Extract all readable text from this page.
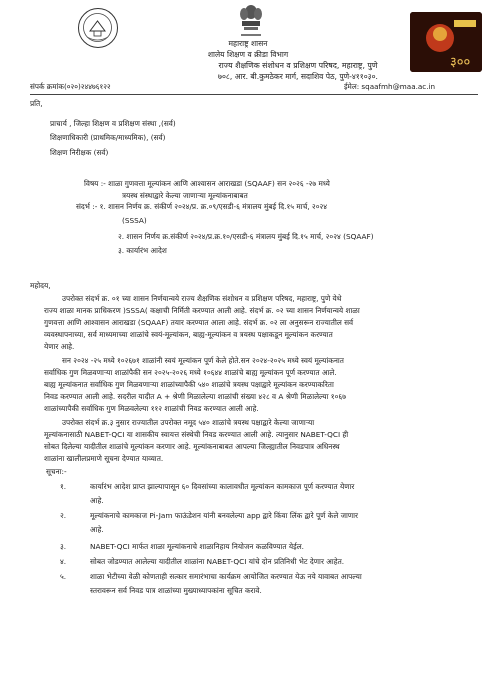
३००
महाराष्ट्र शासन
शालेय शिक्षण व क्रीडा विभाग
राज्य शैक्षणिक संशोधन व प्रशिक्षण परिषद, महाराष्ट्र, पुणे
७०८, आर. बी.कुमठेकर मार्ग, सदाशिव पेठ, पुणे-४११०३०.
संपर्क क्रमांक(०२०)२४४७६१२२	ईमेल: sqaafmh@maa.ac.in
प्रति,
प्राचार्य , जिल्हा शिक्षण व प्रशिक्षण संस्था ,(सर्व)
शिक्षणाधिकारी (प्राथमिक/माध्यमिक), (सर्व)
शिक्षण निरीक्षक (सर्व)
विषय :- शाळा गुणवत्ता मूल्यांकन आणि आश्वासन आराखडा (SQAAF) सन २०२६ -२७ मध्ये
त्रयस्थ संस्थाद्वारे केल्या जाणाऱ्या मूल्यांकनाबाबत
संदर्भ :- १. शासन निर्णय क्र. संकीर्ण २०२४/प्र. क्र.०९/एसडी-६ मंत्रालय मुंबई दि.१५ मार्च, २०२४
(SSSA)
२. शासन निर्णय क्र.संकीर्ण २०२४/प्र.क्र.१०/एसडी-६ मंत्रालय मुंबई दि.१५ मार्च, २०२४ (SQAAF)
३. कार्यारंभ आदेश
महोदय,
उपरोक्त संदर्भ क्र. ०१ च्या शासन निर्णयान्वये राज्य शैक्षणिक संशोधन व प्रशिक्षण परिषद, महाराष्ट्र, पुणे येथे
राज्य शाळा मानक प्राधिकरण )SSSA( कक्षाची निर्मिती करण्यात आली आहे. संदर्भ क्र. ०२ च्या शासन निर्णयान्वये शाळा
गुणवत्ता आणि आश्वासन आराखडा (SQAAF) तयार करण्यात आला आहे. संदर्भ क्र. ०२ ला अनुसरून राज्यातील सर्व
व्यवस्थापनाच्या, सर्व माध्यमाच्या शाळांचे स्वयं-मूल्यांकन, बाह्य-मूल्यांकन व त्रयस्थ पक्षाकडून मूल्यांकन करण्यात
येणार आहे.
सन २०२४ -२५ मध्ये १०२६७१ शाळांनी स्वयं मूल्यांकन पूर्ण केले होते.सन २०२४-२०२५ मध्ये स्वयं मूल्यांकनात
सर्वाधिक गुण मिळवणाऱ्या शाळांपैकी सन २०२५-२०२६ मध्ये १०६४४ शाळांचे बाह्य मूल्यांकन पूर्ण करण्यात आले.
बाह्य मूल्यांकनात सर्वाधिक गुण मिळवणाऱ्या शाळांच्यापैकी ५४० शाळांचे त्रयस्थ पक्षाद्वारे मूल्यांकन करण्याकरिता
निवड करण्यात आली आहे. सदरील यादीत A + श्रेणी मिळालेल्या शाळांची संख्या ४२८ व A श्रेणी मिळालेल्या १०६७
शाळांच्यापैकी सर्वाधिक गुण मिळवलेल्या ११२ शाळांची निवड करण्यात आली आहे.
उपरोक्त संदर्भ क्र.३ नुसार राज्यातील उपरोक्त नमूद ५४० शाळांचे त्रयस्थ पक्षाद्वारे केल्या जाणाऱ्या
मूल्यांकनासाठी NABET-QCI या शासकीय स्वायत्त संस्थेची निवड करण्यात आली आहे. त्यानुसार NABET-QCI ही
सोबत दिलेल्या यादीतील शाळांचे मूल्यांकन करणार आहे. मूल्यांकनाबाबत आपल्या जिल्ह्यातील निवडपात्र अधिनस्थ
शाळांना खालीलप्रमाणे सूचना देण्यात याव्यात.
सूचना:-
१.	कार्यारंभ आदेश प्राप्त झाल्यापासून ६० दिवसांच्या कालावधीत मूल्यांकन कामकाज पूर्ण करण्यात येणार
आहे.
२.	मूल्यांकनाचे कामकाज Pi-Jam फाऊंडेशन यांनी बनवलेल्या app द्वारे किंवा लिंक द्वारे पूर्ण केले जाणार
आहे.
३.	NABET-QCI मार्फत शाळा मूल्यांकनाचे शाळानिहाय नियोजन कळविण्यात येईल.
४.	सोबत जोडण्यात आलेल्या यादीतील शाळांना NABET-QCI यांचे दोन प्रतिनिधी भेट देणार आहेत.
५.	शाळा भेटीच्या वेळी कोणताही सत्कार समारंभाचा कार्यक्रम आयोजित करण्यात येऊ नये यावाबत आपल्या
स्तरावरून सर्व निवड पात्र शाळांच्या मुख्याध्यापकांना सूचित करावे.
